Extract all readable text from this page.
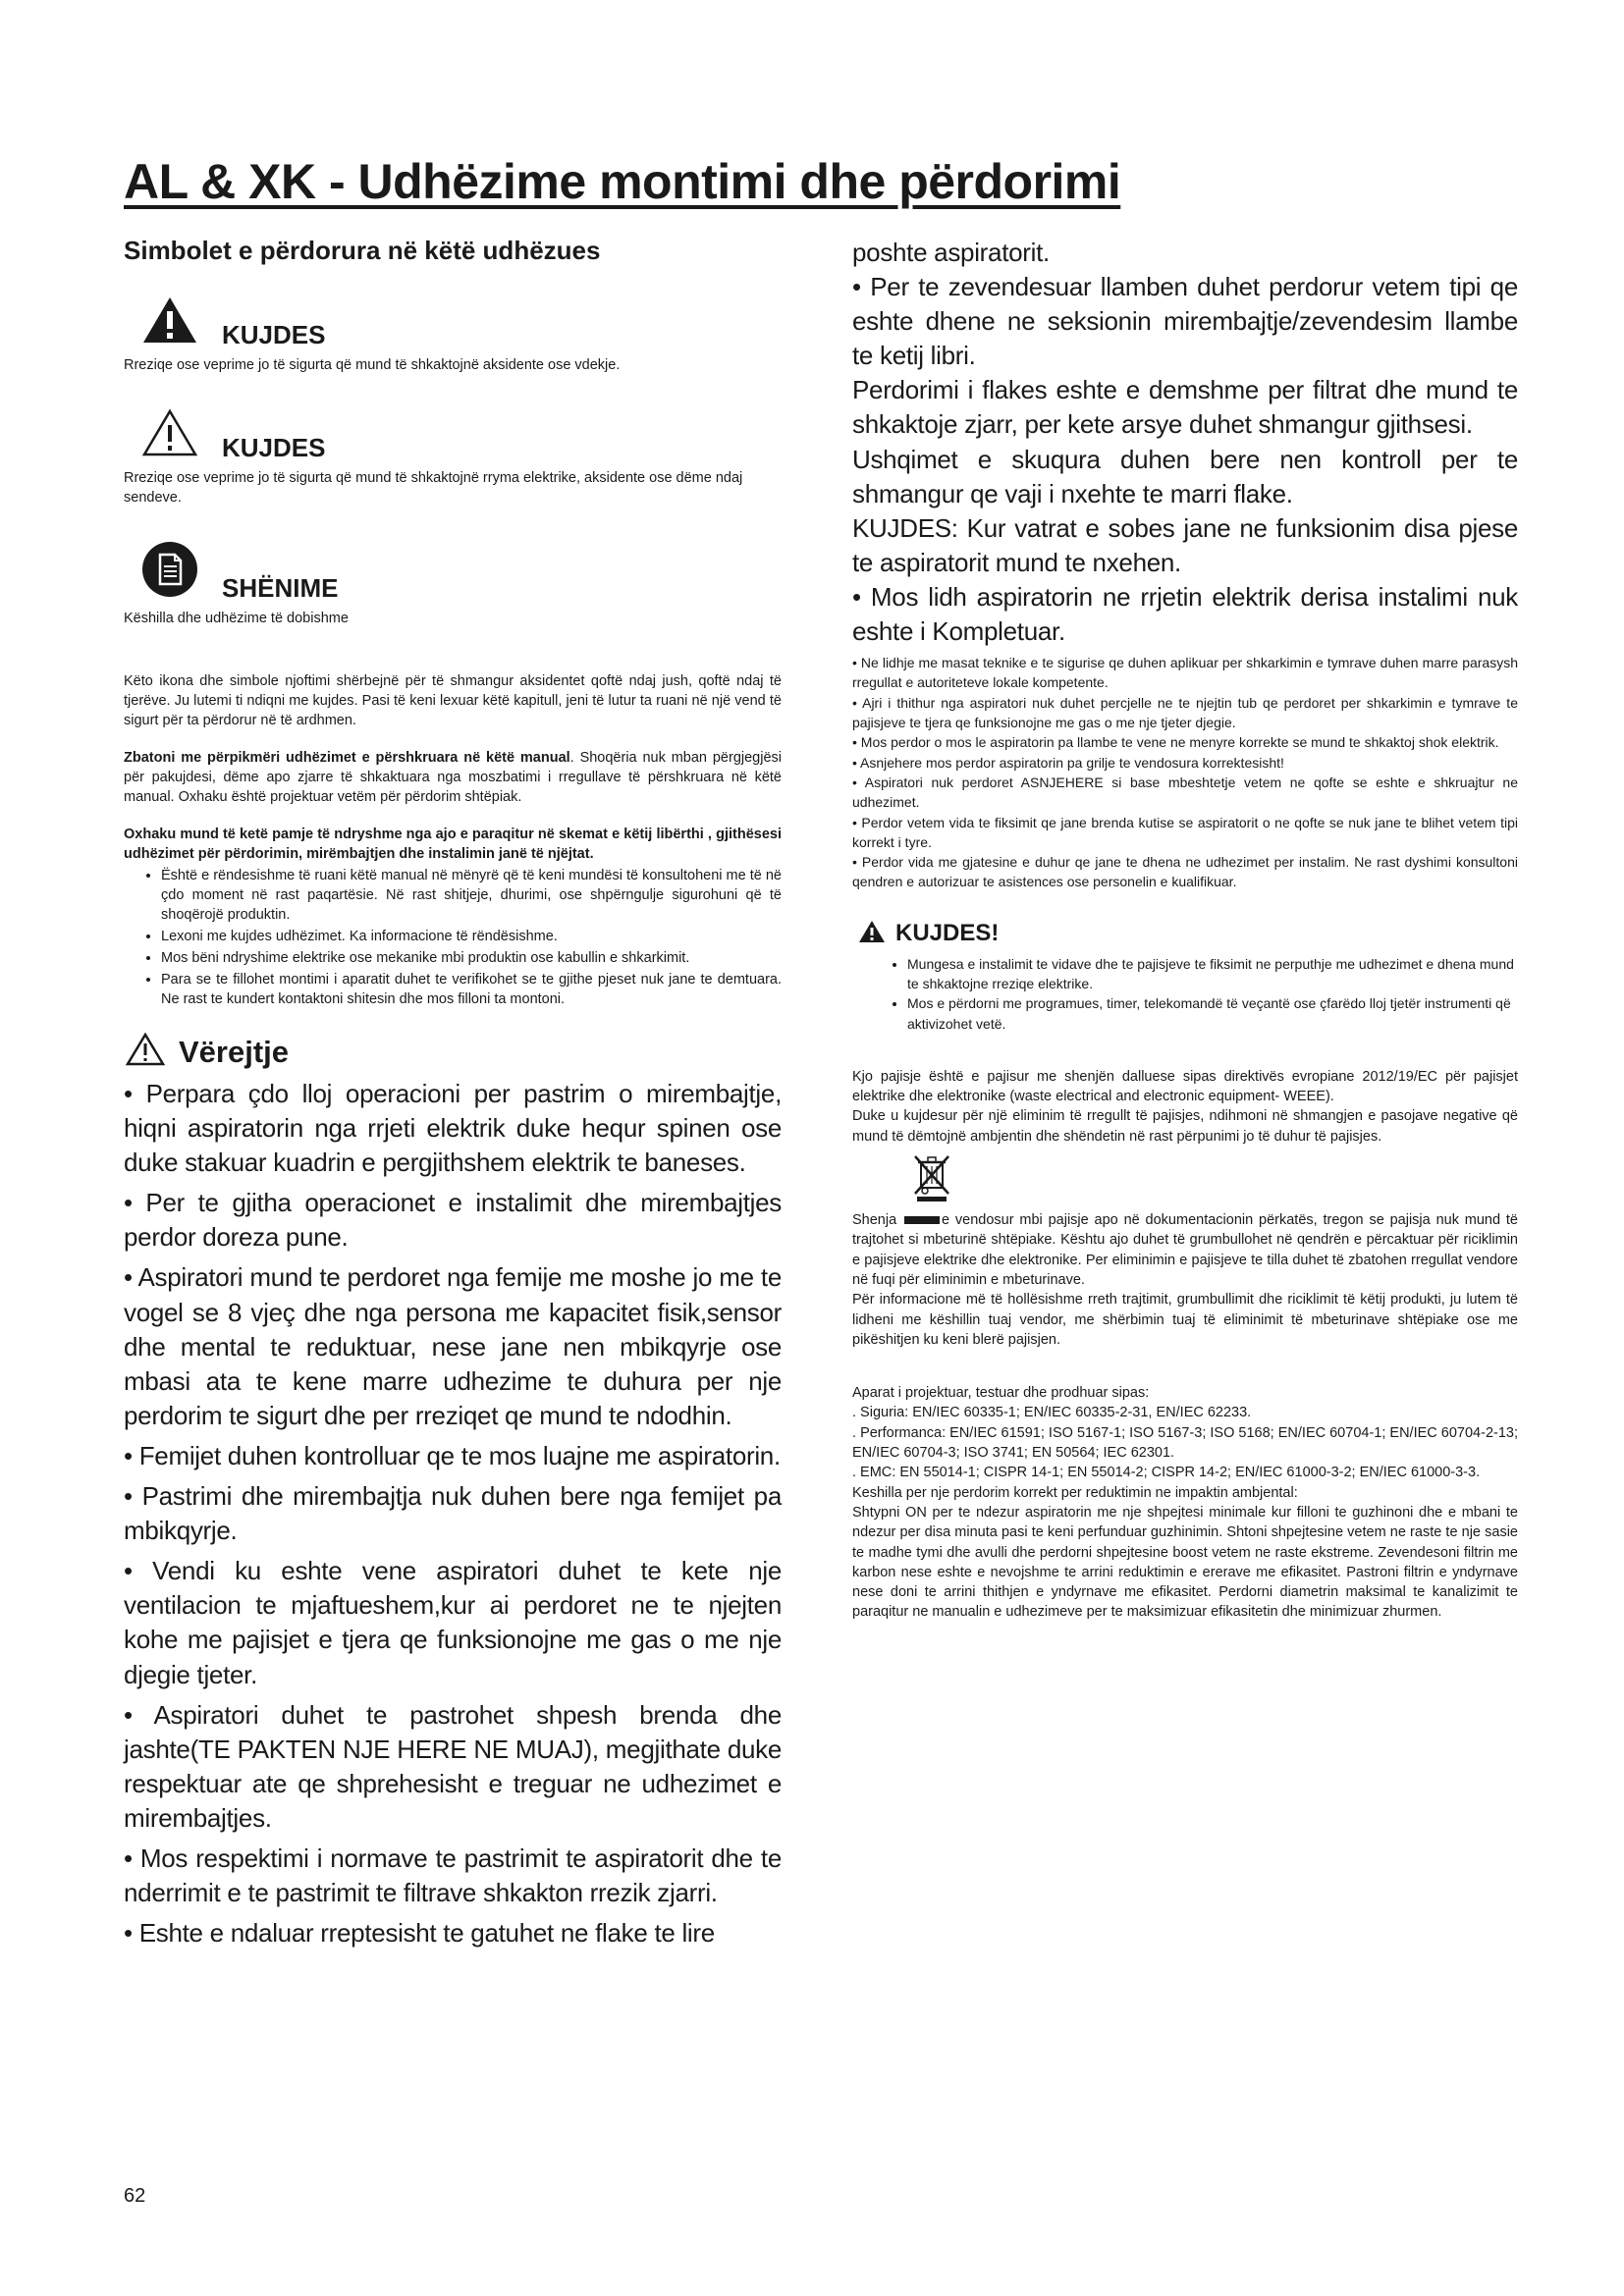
AL & XK - Udhëzime montimi dhe përdorimi
Simbolet e përdorura në këtë udhëzues
KUJDES
Rreziqe ose veprime jo të sigurta që mund të shkaktojnë aksidente ose vdekje.
KUJDES
Rreziqe ose veprime jo të sigurta që mund të shkaktojnë rryma elektrike, aksidente ose dëme ndaj sendeve.
SHËNIME
Këshilla dhe udhëzime të dobishme

Këto ikona dhe simbole njoftimi shërbejnë për të shmangur aksidentet qoftë ndaj jush, qoftë ndaj të tjerëve. Ju lutemi ti ndiqni me kujdes. Pasi të keni lexuar këtë kapitull, jeni të lutur ta ruani në një vend të sigurt për ta përdorur në të ardhmen.

Zbatoni me përpikmëri udhëzimet e përshkruara në këtë manual. Shoqëria nuk mban përgjegjësi për pakujdesi, dëme apo zjarre të shkaktuara nga moszbatimi i rregullave të përshkruara në këtë manual. Oxhaku është projektuar vetëm për përdorim shtëpiak.

Oxhaku mund të ketë pamje të ndryshme nga ajo e paraqitur në skemat e këtij libërthi , gjithësesi udhëzimet për përdorimin, mirëmbajtjen dhe instalimin janë të njëjtat.

• Është e rëndesishme të ruani këtë manual në mënyrë që të keni mundësi të konsultoheni me të në çdo moment në rast paqartësie. Në rast shitjeje, dhurimi, ose shpërngulje sigurohuni që të shoqërojë produktin.
• Lexoni me kujdes udhëzimet. Ka informacione të rëndësishme.
• Mos bëni ndryshime elektrike ose mekanike mbi produktin ose kabullin e shkarkimit.
• Para se te fillohet montimi i aparatit duhet te verifikohet se te gjithe pjeset nuk jane te demtuara. Ne rast te kundert kontaktoni shitesin dhe mos filloni ta montoni.
Vërejtje

• Perpara çdo lloj operacioni per pastrim o mirembajtje, hiqni aspiratorin nga rrjeti elektrik duke hequr spinen ose duke stakuar kuadrin e pergjithshem elektrik te baneses.

• Per te gjitha operacionet e instalimit dhe mirembajtjes perdor doreza pune.

• Aspiratori mund te perdoret nga femije me moshe jo me te vogel se 8 vjeç dhe nga persona me kapacitet fisik,sensor dhe mental te reduktuar, nese jane nen mbikqyrje ose mbasi ata te kene marre udhezime te duhura per nje perdorim te sigurt dhe per rreziqet qe mund te ndodhin.

• Femijet duhen kontrolluar qe te mos luajne me aspiratorin.

• Pastrimi dhe mirembajtja nuk duhen bere nga femijet pa mbikqyrje.

• Vendi ku eshte vene aspiratori duhet te kete nje ventilacion te mjaftueshem,kur ai perdoret ne te njejten kohe me pajisjet e tjera qe funksionojne me gas o me nje djegie tjeter.

• Aspiratori duhet te pastrohet shpesh brenda dhe jashte(TE PAKTEN NJE HERE NE MUAJ), megjithate duke respektuar ate qe shprehesisht e treguar ne udhezimet e mirembajtjes.

• Mos respektimi i normave te pastrimit te aspiratorit dhe te nderrimit e te pastrimit te filtrave shkakton rrezik zjarri.

• Eshte e ndaluar rreptesisht te gatuhet ne flake te lire

poshte aspiratorit.

• Per te zevendesuar llamben duhet perdorur vetem tipi qe eshte dhene ne seksionin mirembajtje/zevendesim llambe te ketij libri.

Perdorimi i flakes eshte e demshme per filtrat dhe mund te shkaktoje zjarr, per kete arsye duhet shmangur gjithsesi.

Ushqimet e skuqura duhen bere nen kontroll per te shmangur qe vaji i nxehte te marri flake.

KUJDES: Kur vatrat e sobes jane ne funksionim disa pjese te aspiratorit mund te nxehen.

• Mos lidh aspiratorin ne rrjetin elektrik derisa instalimi nuk eshte i Kompletuar.

• Ne lidhje me masat teknike e te sigurise qe duhen aplikuar per shkarkimin e tymrave duhen marre parasysh rregullat e autoriteteve lokale kompetente.

• Ajri i thithur nga aspiratori nuk duhet percjelle ne te njejtin tub qe perdoret per shkarkimin e tymrave te pajisjeve te tjera qe funksionojne me gas o me nje tjeter djegie.

• Mos perdor o mos le aspiratorin pa llambe te vene ne menyre korrekte se mund te shkaktoj shok elektrik.

• Asnjehere mos perdor aspiratorin pa grilje te vendosura korrektesisht!

• Aspiratori nuk perdoret ASNJEHERE si base mbeshtetje vetem ne qofte se eshte e shkruajtur ne udhezimet.

• Perdor vetem vida te fiksimit qe jane brenda kutise se aspiratorit o ne qofte se nuk jane te blihet vetem tipi korrekt i tyre.

• Perdor vida me gjatesine e duhur qe jane te dhena ne udhezimet per instalim. Ne rast dyshimi konsultoni qendren e autorizuar te asistences ose personelin e kualifikuar.

KUJDES!
• Mungesa e instalimit te vidave dhe te pajisjeve te fiksimit ne perputhje me udhezimet e dhena mund te shkaktojne rreziqe elektrike.
• Mos e përdorni me programues, timer, telekomandë të veçantë ose çfarëdo lloj tjetër instrumenti që aktivizohet vetë.

Kjo pajisje është e pajisur me shenjën dalluese sipas direktivës evropiane 2012/19/EC për pajisjet elektrike dhe elektronike (waste electrical and electronic equipment- WEEE).

Duke u kujdesur për një eliminim të rregullt të pajisjes, ndihmoni në shmangjen e pasojave negative që mund të dëmtojnë ambjentin dhe shëndetin në rast përpunimi jo të duhur të pajisjes.

Shenja	e vendosur mbi pajisje apo në dokumentacionin përkatës, tregon se pajisja nuk mund të trajtohet si mbeturinë shtëpiake. Kështu ajo duhet të grumbullohet në qendrën e përcaktuar për riciklimin e pajisjeve elektrike dhe elektronike. Per eliminimin e pajisjeve te tilla duhet të zbatohen rregullat vendore në fuqi për eliminimin e mbeturinave.

Për informacione më të hollësishme rreth trajtimit, grumbullimit dhe riciklimit të këtij produkti, ju lutem të lidheni me këshillin tuaj vendor, me shërbimin tuaj të eliminimit të mbeturinave shtëpiake ose me pikëshitjen ku keni blerë pajisjen.

Aparat i projektuar, testuar dhe prodhuar sipas:

. Siguria: EN/IEC 60335-1; EN/IEC 60335-2-31, EN/IEC 62233.

. Performanca: EN/IEC 61591; ISO 5167-1; ISO 5167-3; ISO 5168; EN/IEC 60704-1; EN/IEC 60704-2-13; EN/IEC 60704-3; ISO 3741; EN 50564; IEC 62301.

. EMC: EN 55014-1; CISPR 14-1; EN 55014-2; CISPR 14-2; EN/IEC 61000-3-2; EN/IEC 61000-3-3.

Keshilla per nje perdorim korrekt per reduktimin ne impaktin ambjental:

Shtypni ON per te ndezur aspiratorin me nje shpejtesi minimale kur filloni te guzhinoni dhe e mbani te ndezur per disa minuta pasi te keni perfunduar guzhinimin. Shtoni shpejtesine vetem ne raste te nje sasie te madhe tymi dhe avulli dhe perdorni shpejtesine boost vetem ne raste ekstreme. Zevendesoni filtrin me karbon nese eshte e nevojshme te arrini reduktimin e ererave me efikasitet. Pastroni filtrin e yndyrnave nese doni te arrini thithjen e yndyrnave me efikasitet. Perdorni diametrin maksimal te kanalizimit te paraqitur ne manualin e udhezimeve per te maksimizuar efikasitetin dhe minimizuar zhurmen.

62
